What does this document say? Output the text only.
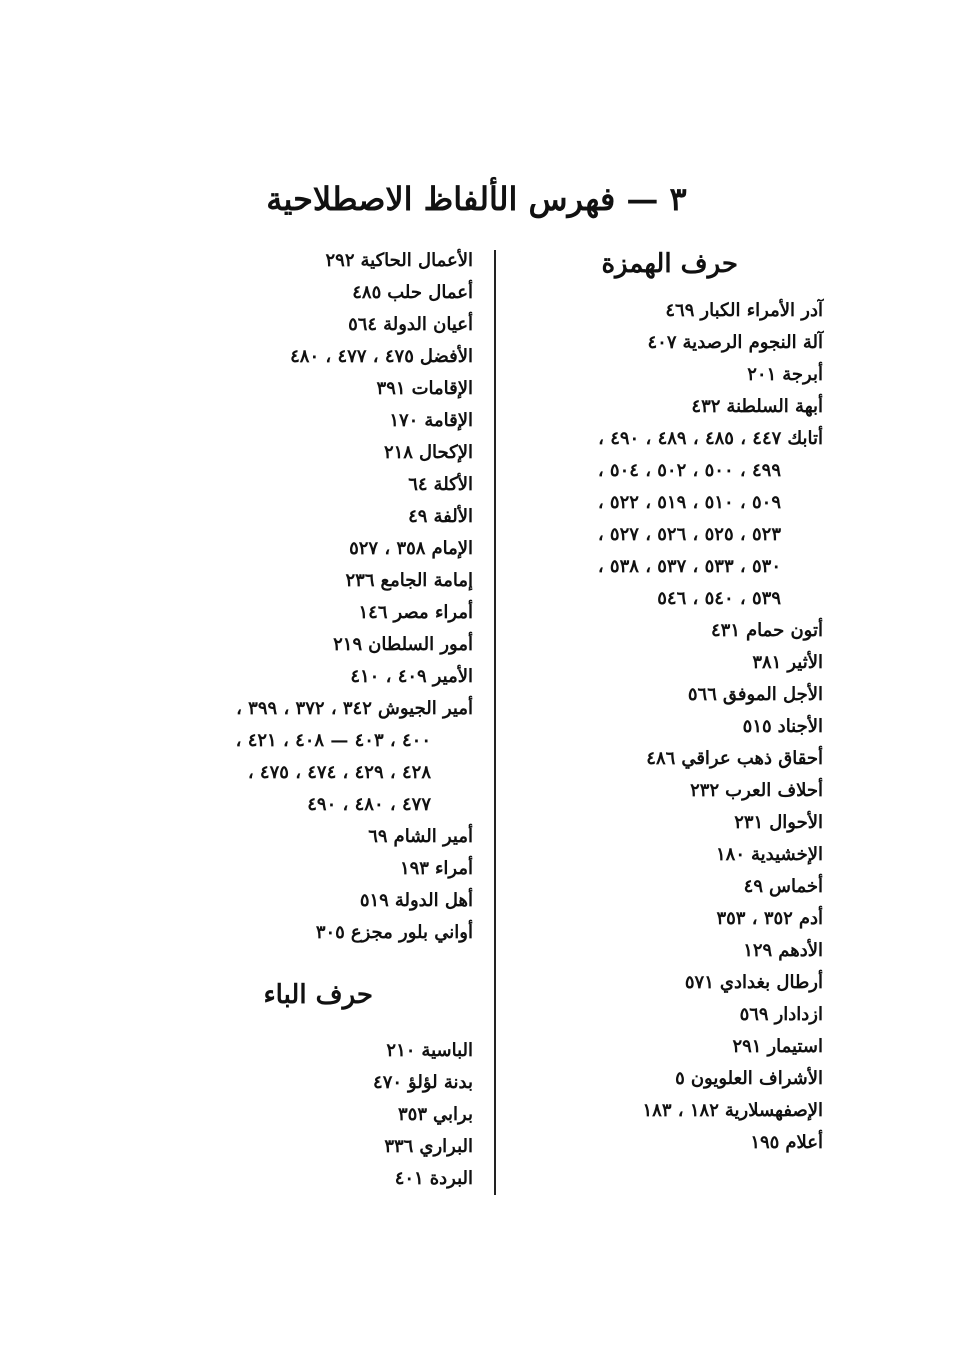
٣ — فهرس الألفاظ الاصطلاحية
حرف الهمزة
آدر الأمراء الكبار٤٦٩
آلة النجوم الرصدية٤٠٧
أبرجة٢٠١
أبهة السلطنة٤٣٢
أتابك٤٤٧ ، ٤٨٥ ، ٤٨٩ ، ٤٩٠ ،
٤٩٩ ، ٥٠٠ ، ٥٠٢ ، ٥٠٤ ،
٥٠٩ ، ٥١٠ ، ٥١٩ ، ٥٢٢ ،
٥٢٣ ، ٥٢٥ ، ٥٢٦ ، ٥٢٧ ،
٥٣٠ ، ٥٣٣ ، ٥٣٧ ، ٥٣٨ ،
٥٣٩ ، ٥٤٠ ، ٥٤٦
أتون حمام٤٣١
الأثير٣٨١
الأجل الموفق٥٦٦
الأجناد٥١٥
أحقاق ذهب عراقي٤٨٦
أحلاف العرب٢٣٢
الأحوال٢٣١
الإخشيدية١٨٠
أخماس٤٩
أدم٣٥٢ ، ٣٥٣
الأدهم١٢٩
أرطال بغدادي٥٧١
ازدادار٥٦٩
استيمار٢٩١
الأشراف العلويون٥
الإصفهسلارية١٨٢ ، ١٨٣
أعلام١٩٥
الأعمال الحاكية٢٩٢
أعمال حلب٤٨٥
أعيان الدولة٥٦٤
الأفضل٤٧٥ ، ٤٧٧ ، ٤٨٠
الإقامات٣٩١
الإقامة١٧٠
الإكحال٢١٨
الأكلة٦٤
الألفة٤٩
الإمام٣٥٨ ، ٥٢٧
إمامة الجامع٢٣٦
أمراء مصر١٤٦
أمور السلطان٢١٩
الأمير٤٠٩ ، ٤١٠
أمير الجيوش٣٤٢ ، ٣٧٢ ، ٣٩٩ ،
٤٠٠ ، ٤٠٣ — ٤٠٨ ، ٤٢١ ،
٤٢٨ ، ٤٢٩ ، ٤٧٤ ، ٤٧٥ ،
٤٧٧ ، ٤٨٠ ، ٤٩٠
أمير الشام٦٩
أمراء١٩٣
أهل الدولة٥١٩
أواني بلور مجزع٣٠٥
حرف الباء
الباسية٢١٠
بدنة لؤلؤ٤٧٠
برابي٣٥٣
البراري٣٣٦
البردة٤٠١
